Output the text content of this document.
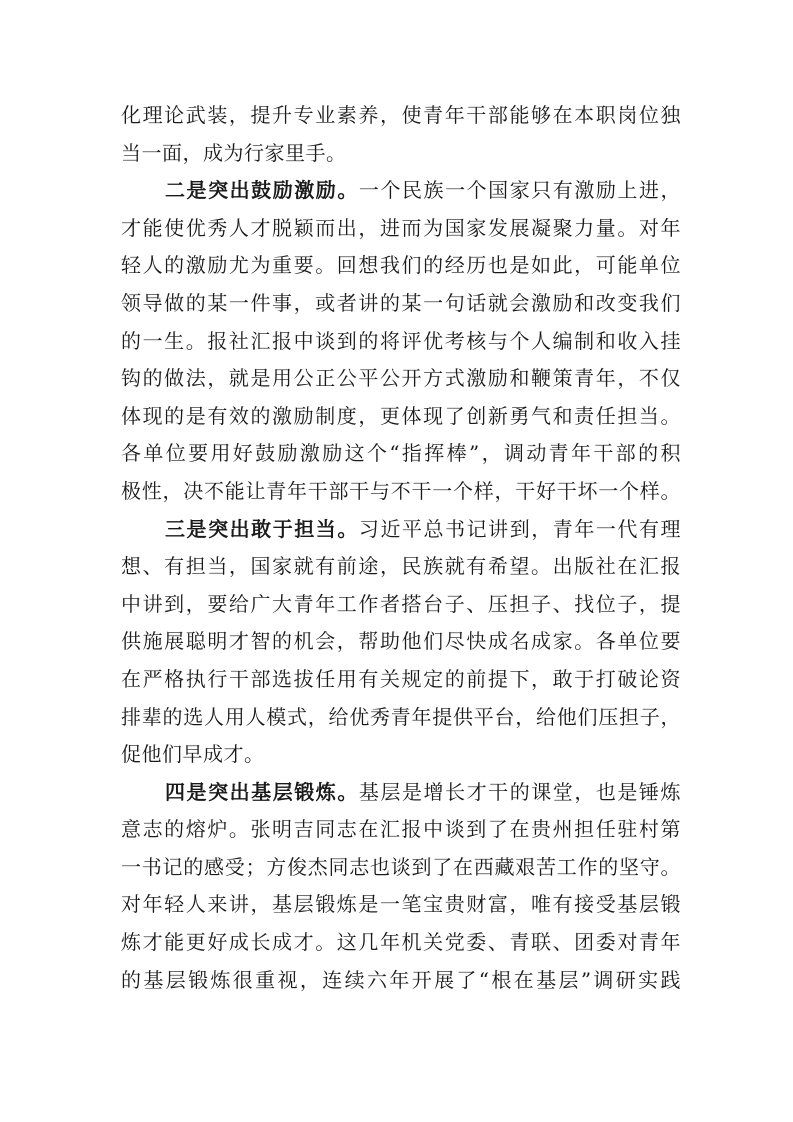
化理论武装，提升专业素养，使青年干部能够在本职岗位独
当一面，成为行家里手。
二是突出鼓励激励。一个民族一个国家只有激励上进，
才能使优秀人才脱颖而出，进而为国家发展凝聚力量。对年
轻人的激励尤为重要。回想我们的经历也是如此，可能单位
领导做的某一件事，或者讲的某一句话就会激励和改变我们
的一生。报社汇报中谈到的将评优考核与个人编制和收入挂
钩的做法，就是用公正公平公开方式激励和鞭策青年，不仅
体现的是有效的激励制度，更体现了创新勇气和责任担当。
各单位要用好鼓励激励这个“指挥棒”，调动青年干部的积
极性，决不能让青年干部干与不干一个样，干好干坏一个样。
三是突出敢于担当。习近平总书记讲到，青年一代有理
想、有担当，国家就有前途，民族就有希望。出版社在汇报
中讲到，要给广大青年工作者搭台子、压担子、找位子，提
供施展聪明才智的机会，帮助他们尽快成名成家。各单位要
在严格执行干部选拔任用有关规定的前提下，敢于打破论资
排辈的选人用人模式，给优秀青年提供平台，给他们压担子，
促他们早成才。
四是突出基层锻炼。基层是增长才干的课堂，也是锤炼
意志的熔炉。张明吉同志在汇报中谈到了在贵州担任驻村第
一书记的感受；方俊杰同志也谈到了在西藏艰苦工作的坚守。
对年轻人来讲，基层锻炼是一笔宝贵财富，唯有接受基层锻
炼才能更好成长成才。这几年机关党委、青联、团委对青年
的基层锻炼很重视，连续六年开展了“根在基层”调研实践
